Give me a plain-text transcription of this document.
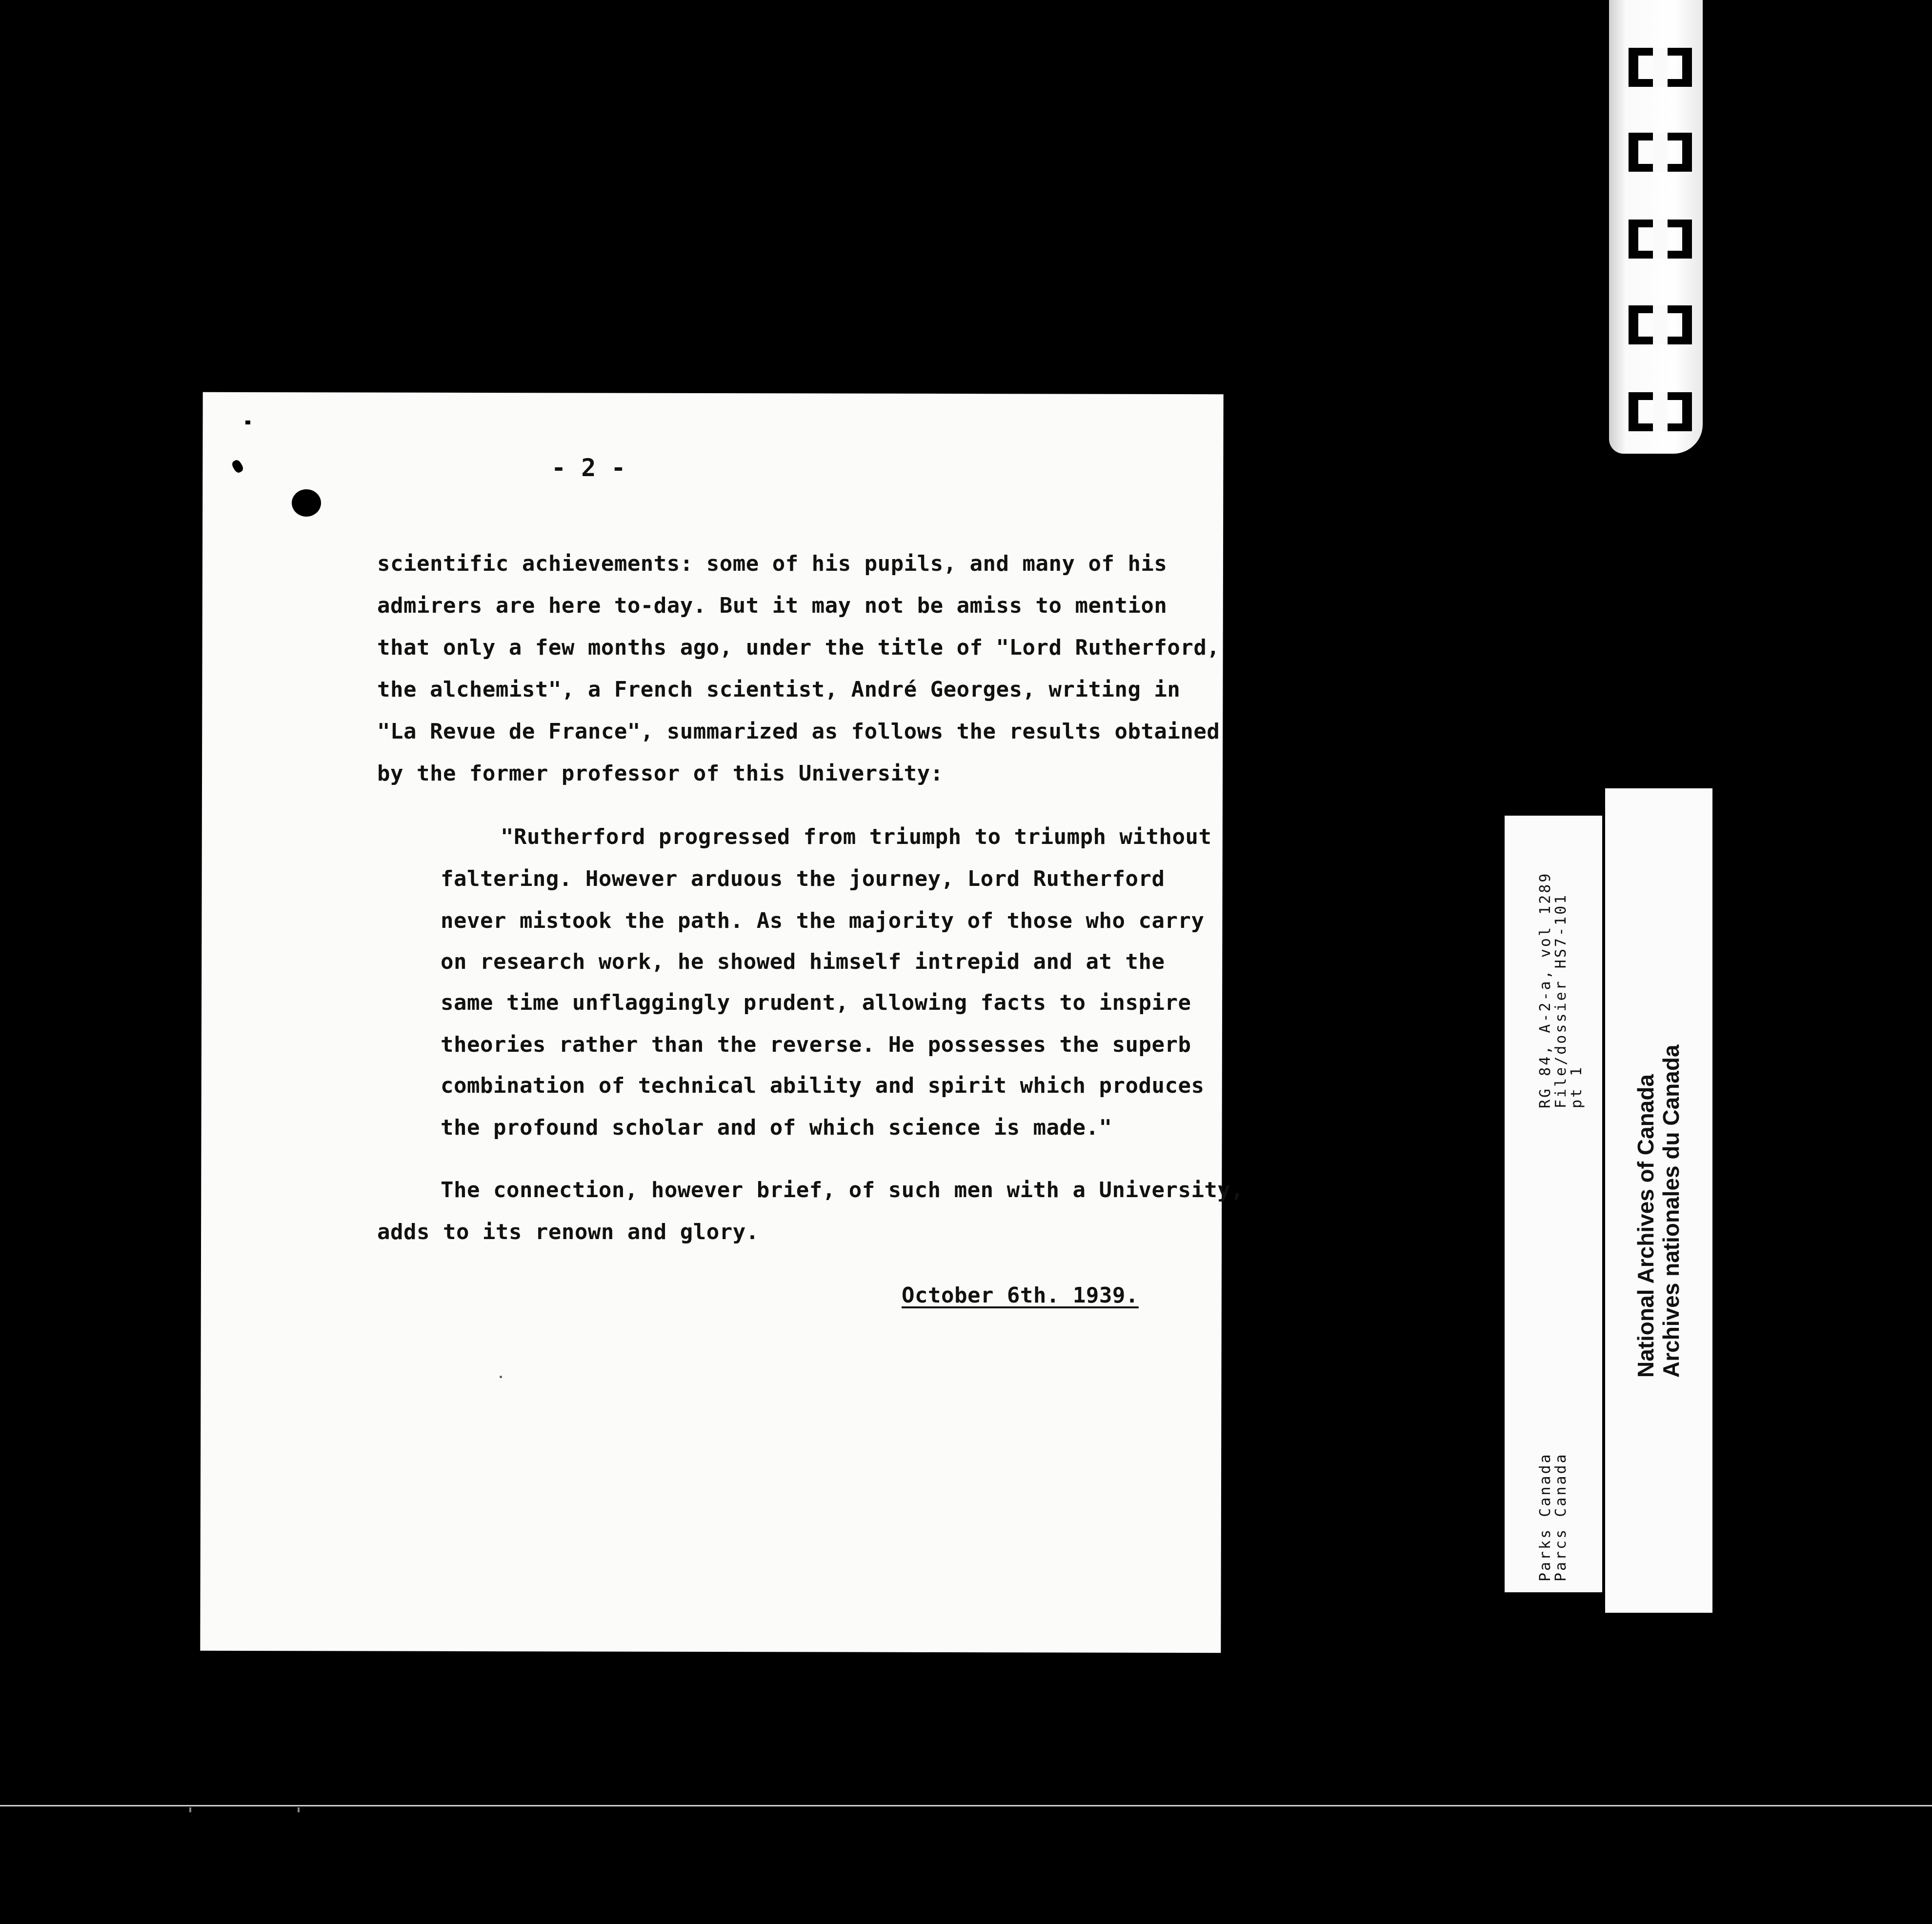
- 2 -
scientific achievements: some of his pupils, and many of his
admirers are here to-day. But it may not be amiss to mention
that only a few months ago, under the title of "Lord Rutherford,
the alchemist", a French scientist, André Georges, writing in
"La Revue de France", summarized as follows the results obtained
by the former professor of this University:
"Rutherford progressed from triumph to triumph without
faltering. However arduous the journey, Lord Rutherford
never mistook the path. As the majority of those who carry
on research work, he showed himself intrepid and at the
same time unflaggingly prudent, allowing facts to inspire
theories rather than the reverse. He possesses the superb
combination of technical ability and spirit which produces
the profound scholar and of which science is made."
The connection, however brief, of such men with a University,
adds to its renown and glory.
October 6th. 1939.
Parks Canada
Parcs Canada
RG 84, A-2-a, vol 1289
File/dossier HS7-101
pt 1 National Archives of Canada Archives nationales du Canada
